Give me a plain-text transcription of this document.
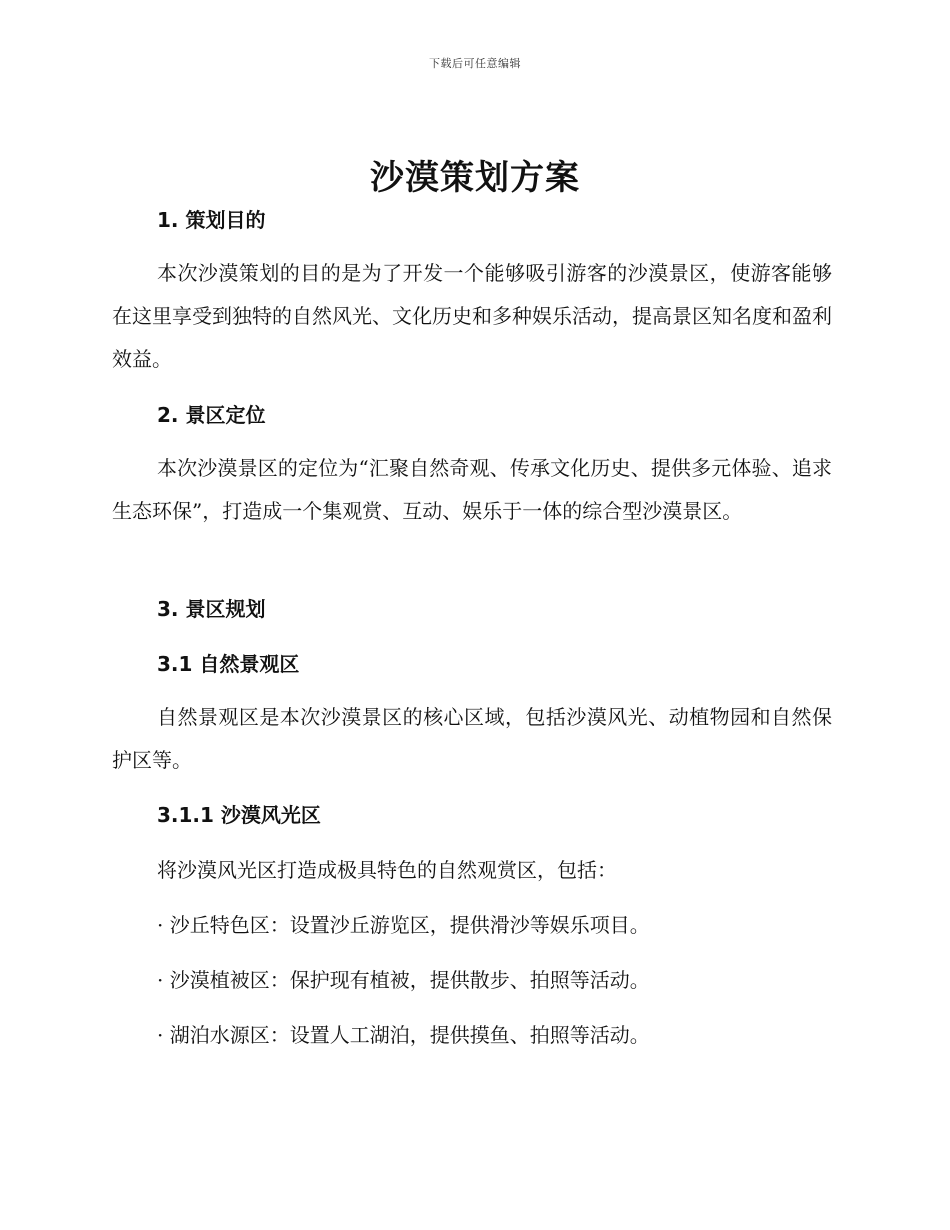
下载后可任意编辑
沙漠策划方案
1. 策划目的
本次沙漠策划的目的是为了开发一个能够吸引游客的沙漠景区，使游客能够在这里享受到独特的自然风光、文化历史和多种娱乐活动，提高景区知名度和盈利效益。
2. 景区定位
本次沙漠景区的定位为“汇聚自然奇观、传承文化历史、提供多元体验、追求生态环保”，打造成一个集观赏、互动、娱乐于一体的综合型沙漠景区。
3. 景区规划
3.1 自然景观区
自然景观区是本次沙漠景区的核心区域，包括沙漠风光、动植物园和自然保护区等。
3.1.1 沙漠风光区
将沙漠风光区打造成极具特色的自然观赏区，包括：
· 沙丘特色区：设置沙丘游览区，提供滑沙等娱乐项目。
· 沙漠植被区：保护现有植被，提供散步、拍照等活动。
· 湖泊水源区：设置人工湖泊，提供摸鱼、拍照等活动。
